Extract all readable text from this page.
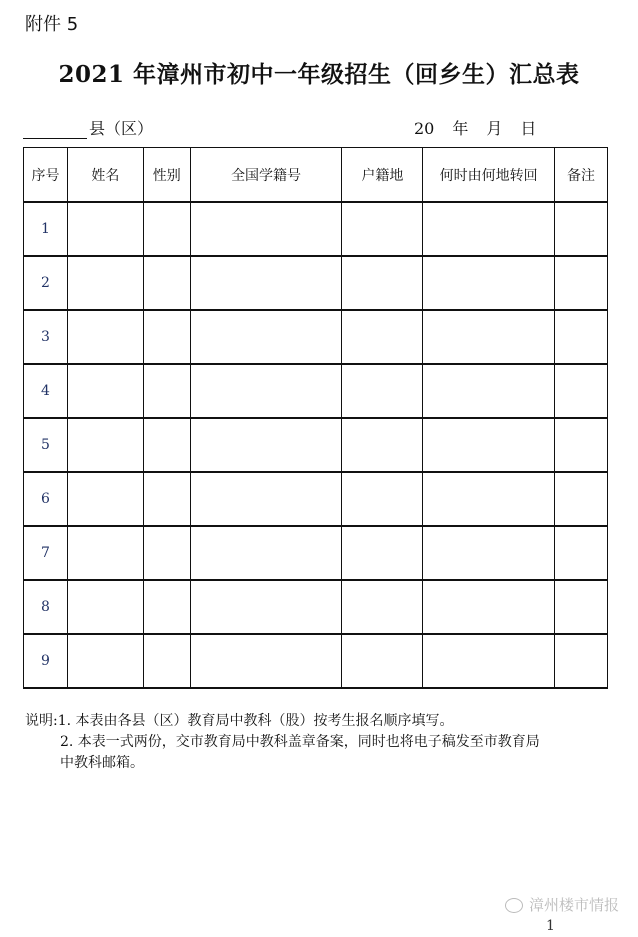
附件 5
2021 年漳州市初中一年级招生（回乡生）汇总表
县（区）	20 年 月 日
序号	姓名	性别	全国学籍号	户籍地	何时由何地转回	备注
1						
2						
3						
4						
5						
6						
7						
8						
9						
说明:1. 本表由各县（区）教育局中教科（股）按考生报名顺序填写。
2. 本表一式两份，交市教育局中教科盖章备案，同时也将电子稿发至市教育局
中教科邮箱。
漳州楼市情报
1
